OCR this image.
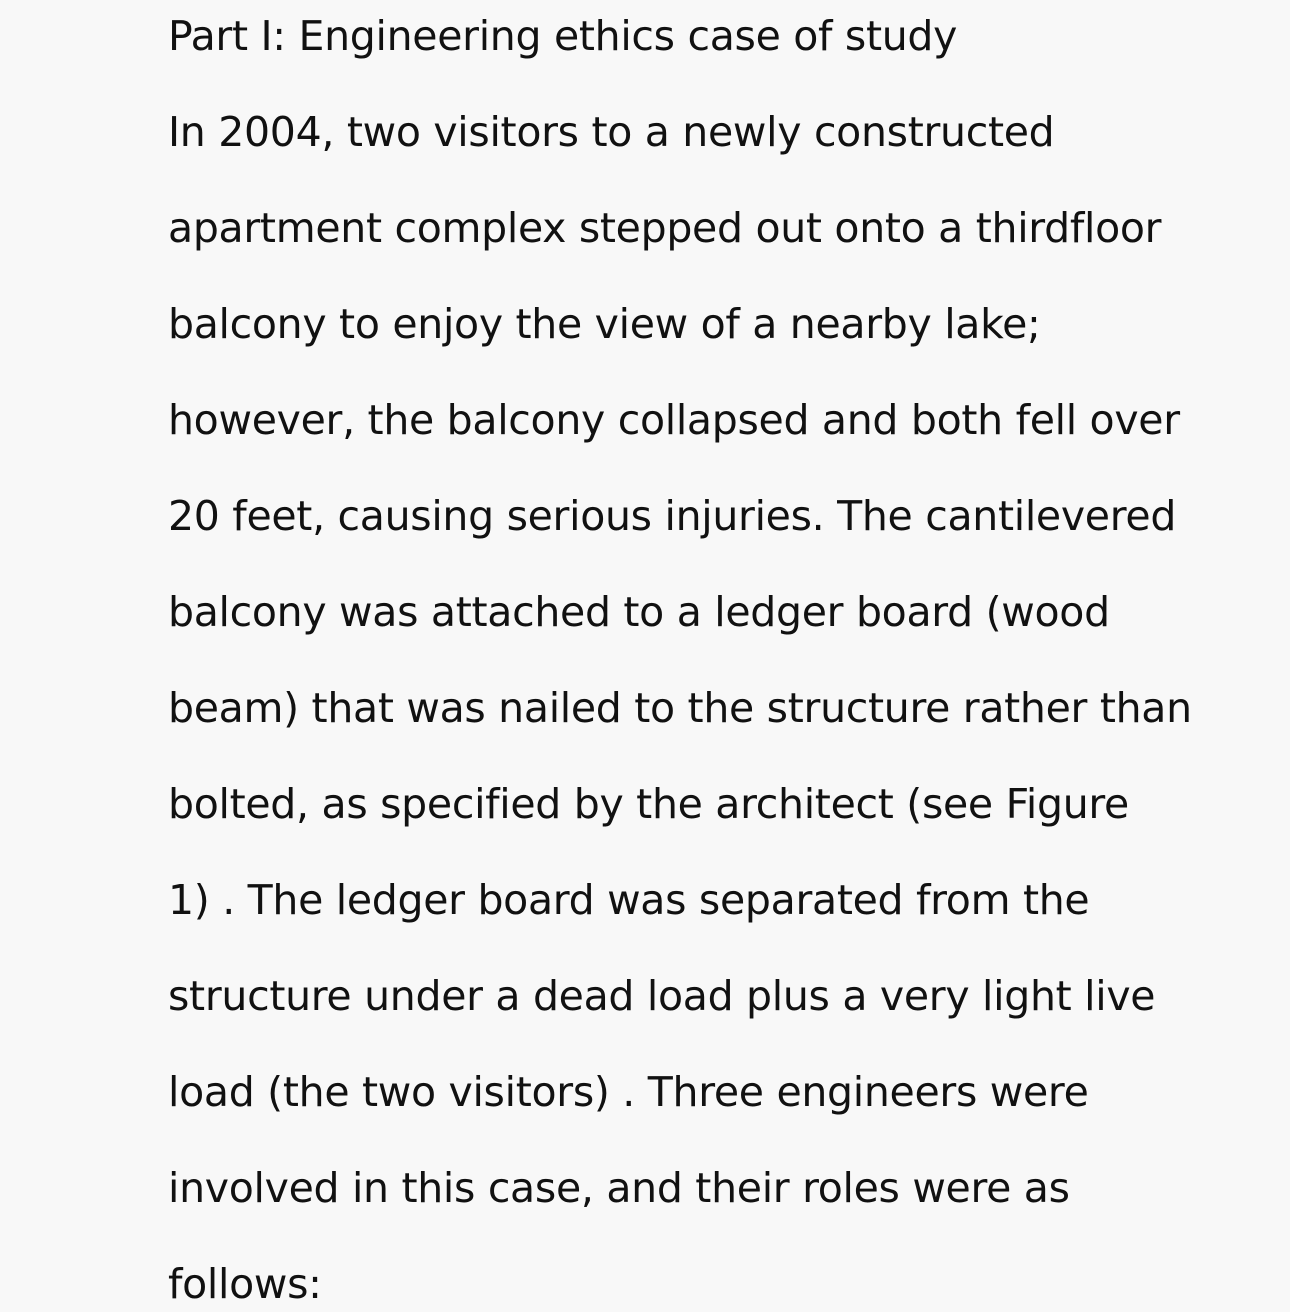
Part I: Engineering ethics case of study
In 2004, two visitors to a newly constructed
apartment complex stepped out onto a thirdfloor
balcony to enjoy the view of a nearby lake;
however, the balcony collapsed and both fell over
20 feet, causing serious injuries. The cantilevered
balcony was attached to a ledger board (wood
beam) that was nailed to the structure rather than
bolted, as specified by the architect (see Figure
1) . The ledger board was separated from the
structure under a dead load plus a very light live
load (the two visitors) . Three engineers were
involved in this case, and their roles were as
follows:
